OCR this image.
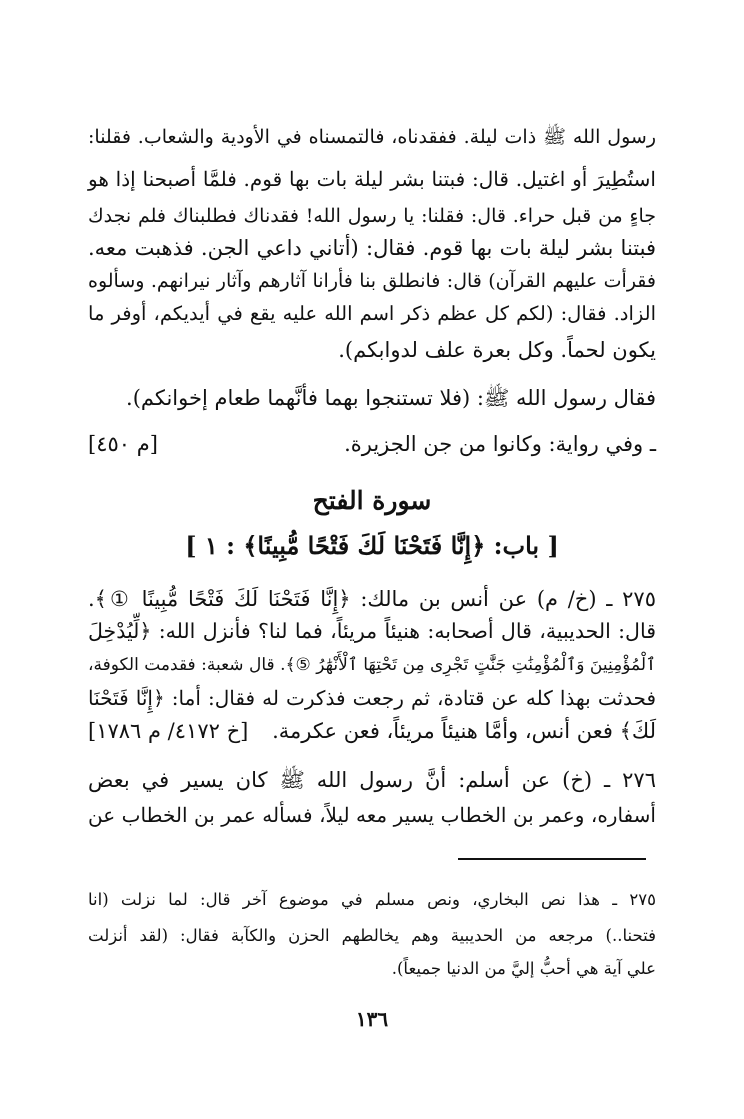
رسول الله ﷺ ذات ليلة. ففقدناه، فالتمسناه في الأودية والشعاب. فقلنا:
استُطِيرَ أو اغتيل. قال: فبتنا بشر ليلة بات بها قوم. فلمَّا أصبحنا إذا هو
جاءٍ من قبل حراء. قال: فقلنا: يا رسول الله! فقدناك فطلبناك فلم نجدك
فبتنا بشر ليلة بات بها قوم. فقال: (أتاني داعي الجن. فذهبت معه.
فقرأت عليهم القرآن) قال: فانطلق بنا فأرانا آثارهم وآثار نيرانهم. وسألوه
الزاد. فقال: (لكم كل عظم ذكر اسم الله عليه يقع في أيديكم، أوفر ما
يكون لحماً. وكل بعرة علف لدوابكم).
فقال رسول الله ﷺ: (فلا تستنجوا بهما فأنَّهما طعام إخوانكم).
ـ وفي رواية: وكانوا من جن الجزيرة.
[م ٤٥٠]
سورة الفتح
[ باب: ﴿إِنَّا فَتَحْنَا لَكَ فَتْحًا مُّبِينًا﴾ : ١ ]
٢٧٥ ـ (خ/ م) عن أنس بن مالك: ﴿إِنَّا فَتَحْنَا لَكَ فَتْحًا مُّبِينًا ①﴾.
قال: الحديبية، قال أصحابه: هنيئاً مريئاً، فما لنا؟ فأنزل الله: ﴿لِّيُدْخِلَ
ٱلْمُؤْمِنِينَ وَٱلْمُؤْمِنَٰتِ جَنَّٰتٍ تَجْرِى مِن تَحْتِهَا ٱلْأَنْهَٰرُ ⑤﴾. قال شعبة: فقدمت الكوفة،
فحدثت بهذا كله عن قتادة، ثم رجعت فذكرت له فقال: أما: ﴿إِنَّا فَتَحْنَا
لَكَ﴾ فعن أنس، وأمَّا هنيئاً مريئاً، فعن عكرمة.
[خ ٤١٧٢/ م ١٧٨٦]
٢٧٦ ـ (خ) عن أسلم: أنَّ رسول الله ﷺ كان يسير في بعض
أسفاره، وعمر بن الخطاب يسير معه ليلاً، فسأله عمر بن الخطاب عن
٢٧٥ ـ هذا نص البخاري، ونص مسلم في موضوع آخر قال: لما نزلت (انا
فتحنا..) مرجعه من الحديبية وهم يخالطهم الحزن والكآبة فقال: (لقد أنزلت
علي آية هي أحبُّ إليَّ من الدنيا جميعاً).
١٣٦
